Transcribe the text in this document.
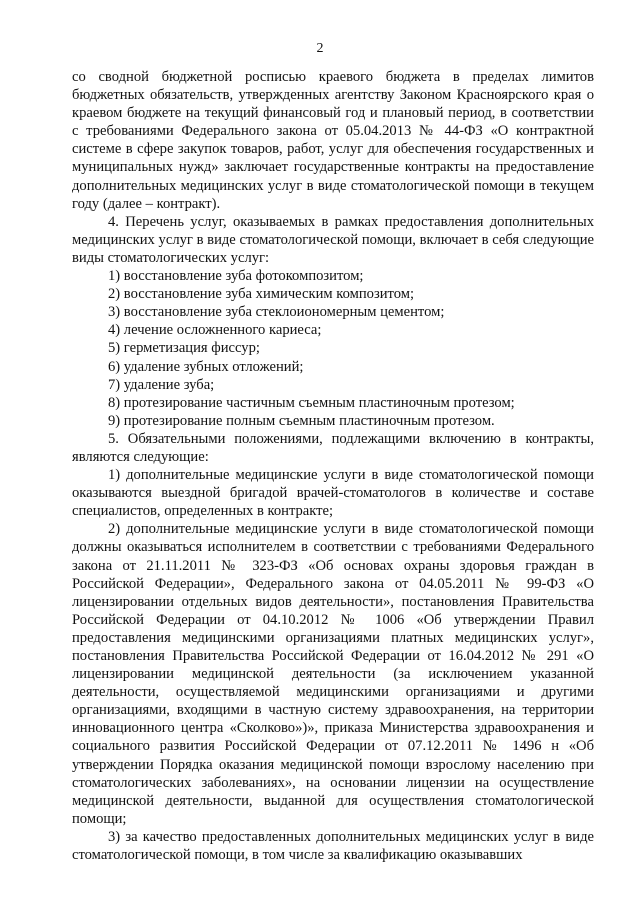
2

со сводной бюджетной росписью краевого бюджета в пределах лимитов бюджетных обязательств, утвержденных агентству Законом Красноярского края о краевом бюджете на текущий финансовый год и плановый период, в соответствии с требованиями Федерального закона от 05.04.2013 № 44-ФЗ «О контрактной системе в сфере закупок товаров, работ, услуг для обеспечения государственных и муниципальных нужд» заключает государственные контракты на предоставление дополнительных медицинских услуг в виде стоматологической помощи в текущем году (далее – контракт).

4. Перечень услуг, оказываемых в рамках предоставления дополнительных медицинских услуг в виде стоматологической помощи, включает в себя следующие виды стоматологических услуг:

1) восстановление зуба фотокомпозитом;

2) восстановление зуба химическим композитом;

3) восстановление зуба стеклоиономерным цементом;

4) лечение осложненного кариеса;

5) герметизация фиссур;

6) удаление зубных отложений;

7) удаление зуба;

8) протезирование частичным съемным пластиночным протезом;

9) протезирование полным съемным пластиночным протезом.

5. Обязательными положениями, подлежащими включению в контракты, являются следующие:

1) дополнительные медицинские услуги в виде стоматологической помощи оказываются выездной бригадой врачей-стоматологов в количестве и составе специалистов, определенных в контракте;

2) дополнительные медицинские услуги в виде стоматологической помощи должны оказываться исполнителем в соответствии с требованиями Федерального закона от 21.11.2011 № 323-ФЗ «Об основах охраны здоровья граждан в Российской Федерации», Федерального закона от 04.05.2011 № 99-ФЗ «О лицензировании отдельных видов деятельности», постановления Правительства Российской Федерации от 04.10.2012 № 1006 «Об утверждении Правил предоставления медицинскими организациями платных медицинских услуг», постановления Правительства Российской Федерации от 16.04.2012 № 291 «О лицензировании медицинской деятельности (за исключением указанной деятельности, осуществляемой медицинскими организациями и другими организациями, входящими в частную систему здравоохранения, на территории инновационного центра «Сколково»)», приказа Министерства здравоохранения и социального развития Российской Федерации от 07.12.2011 № 1496 н «Об утверждении Порядка оказания медицинской помощи взрослому населению при стоматологических заболеваниях», на основании лицензии на осуществление медицинской деятельности, выданной для осуществления стоматологической помощи;

3) за качество предоставленных дополнительных медицинских услуг в виде стоматологической помощи, в том числе за квалификацию оказывавших
